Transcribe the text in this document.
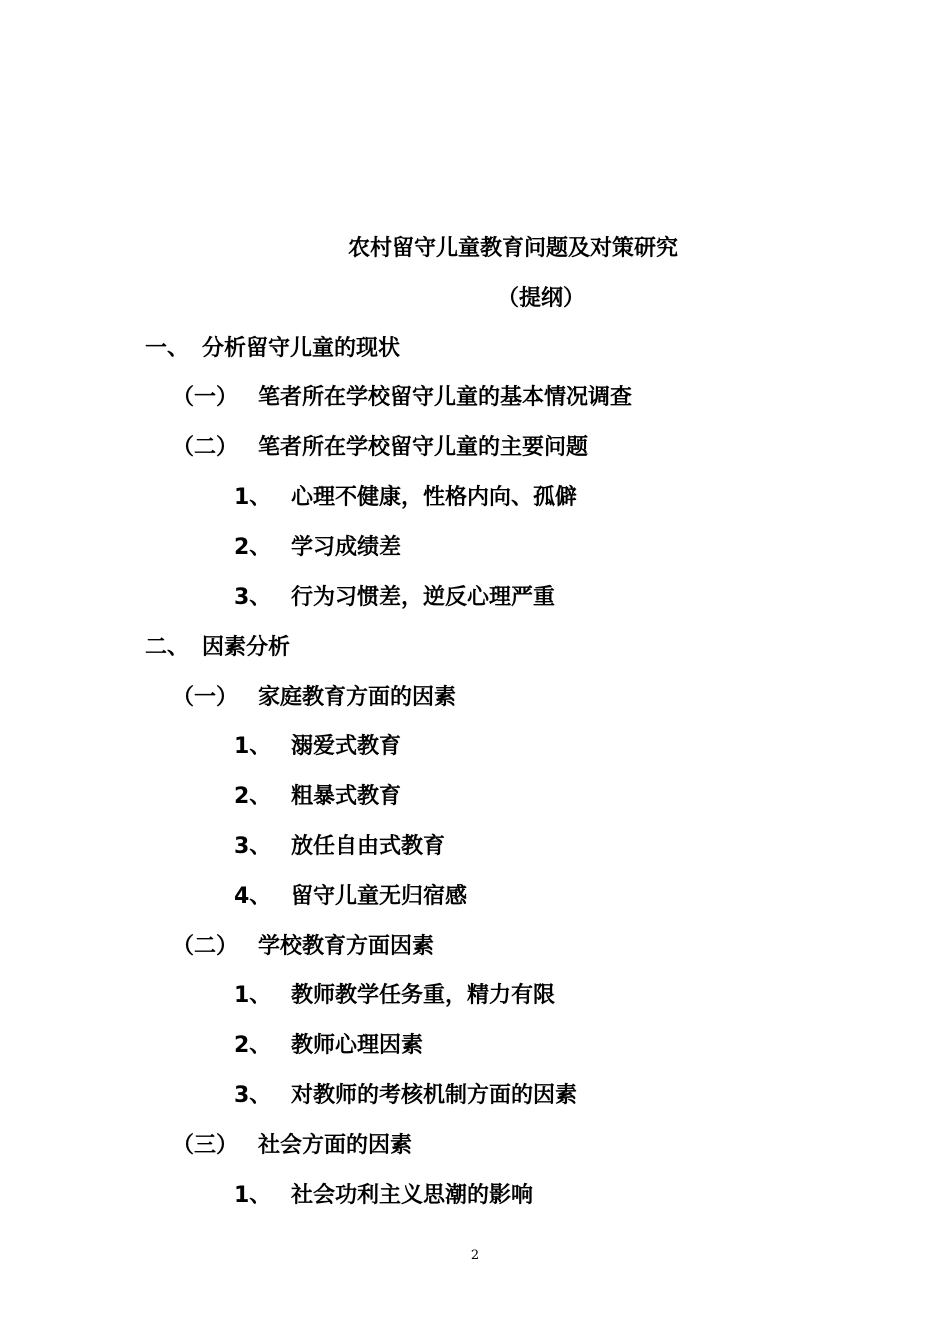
农村留守儿童教育问题及对策研究
（提纲）
一、 分析留守儿童的现状
（一） 笔者所在学校留守儿童的基本情况调查
（二） 笔者所在学校留守儿童的主要问题
1、 心理不健康，性格内向、孤僻
2、 学习成绩差
3、 行为习惯差，逆反心理严重
二、 因素分析
（一） 家庭教育方面的因素
1、 溺爱式教育
2、 粗暴式教育
3、 放任自由式教育
4、 留守儿童无归宿感
（二） 学校教育方面因素
1、 教师教学任务重，精力有限
2、 教师心理因素
3、 对教师的考核机制方面的因素
（三） 社会方面的因素
1、 社会功利主义思潮的影响
2
